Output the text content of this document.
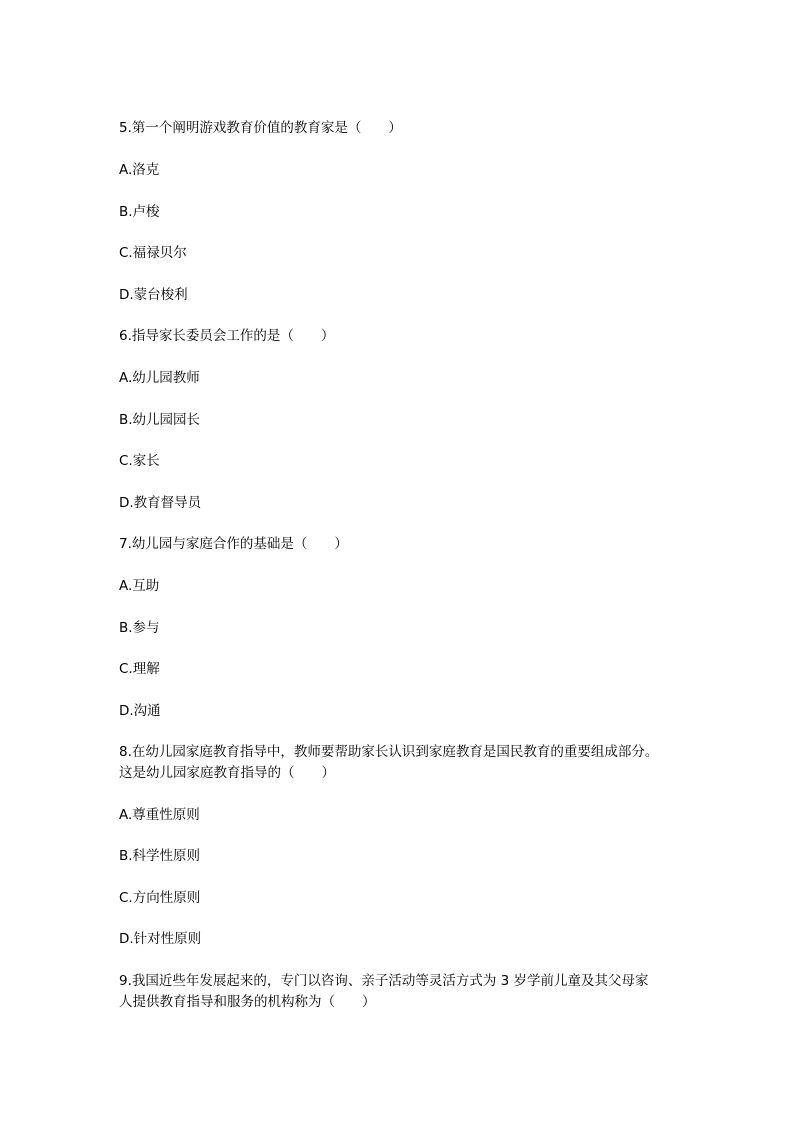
5.第一个阐明游戏教育价值的教育家是（　　）
A.洛克
B.卢梭
C.福禄贝尔
D.蒙台梭利
6.指导家长委员会工作的是（　　）
A.幼儿园教师
B.幼儿园园长
C.家长
D.教育督导员
7.幼儿园与家庭合作的基础是（　　）
A.互助
B.参与
C.理解
D.沟通
8.在幼儿园家庭教育指导中，教师要帮助家长认识到家庭教育是国民教育的重要组成部分。
这是幼儿园家庭教育指导的（　　）
A.尊重性原则
B.科学性原则
C.方向性原则
D.针对性原则
9.我国近些年发展起来的，专门以咨询、亲子活动等灵活方式为 3 岁学前儿童及其父母家
人提供教育指导和服务的机构称为（　　）
